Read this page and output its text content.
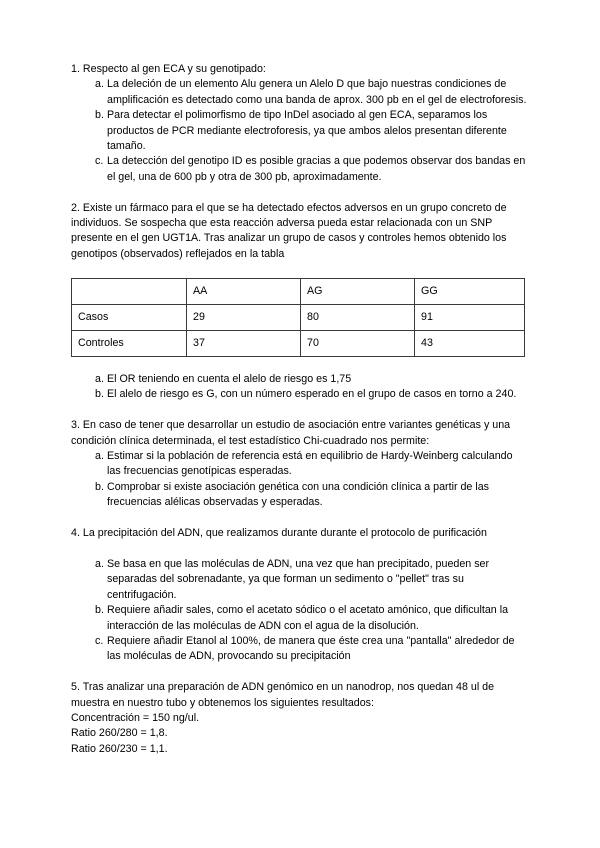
1. Respecto al gen ECA y su genotipado:

a. La deleción de un elemento Alu genera un Alelo D que bajo nuestras condiciones de amplificación es detectado como una banda de aprox. 300 pb en el gel de electroforesis.
b. Para detectar el polimorfismo de tipo InDel asociado al gen ECA, separamos los productos de PCR mediante electroforesis, ya que ambos alelos presentan diferente tamaño.
c. La detección del genotipo ID es posible gracias a que podemos observar dos bandas en el gel, una de 600 pb y otra de 300 pb, aproximadamente.

2. Existe un fármaco para el que se ha detectado efectos adversos en un grupo concreto de individuos. Se sospecha que esta reacción adversa pueda estar relacionada con un SNP presente en el gen UGT1A. Tras analizar un grupo de casos y controles hemos obtenido los genotipos (observados) reflejados en la tabla

	AA	AG	GG
Casos	29	80	91
Controles	37	70	43

a. El OR teniendo en cuenta el alelo de riesgo es 1,75
b. El alelo de riesgo es G, con un número esperado en el grupo de casos en torno a 240.

3. En caso de tener que desarrollar un estudio de asociación entre variantes genéticas y una condición clínica determinada, el test estadístico Chi-cuadrado nos permite:

a. Estimar si la población de referencia está en equilibrio de Hardy-Weinberg calculando las frecuencias genotípicas esperadas.
b. Comprobar si existe asociación genética con una condición clínica a partir de las frecuencias alélicas observadas y esperadas.

4. La precipitación del ADN, que realizamos durante durante el protocolo de purificación

a. Se basa en que las moléculas de ADN, una vez que han precipitado, pueden ser separadas del sobrenadante, ya que forman un sedimento o "pellet" tras su centrifugación.
b. Requiere añadir sales, como el acetato sódico o el acetato amónico, que dificultan la interacción de las moléculas de ADN con el agua de la disolución.
c. Requiere añadir Etanol al 100%, de manera que éste crea una "pantalla" alrededor de las moléculas de ADN, provocando su precipitación

5. Tras analizar una preparación de ADN genómico en un nanodrop, nos quedan 48 ul de muestra en nuestro tubo y obtenemos los siguientes resultados:

Concentración = 150 ng/ul.

Ratio 260/280 = 1,8.

Ratio 260/230 = 1,1.
